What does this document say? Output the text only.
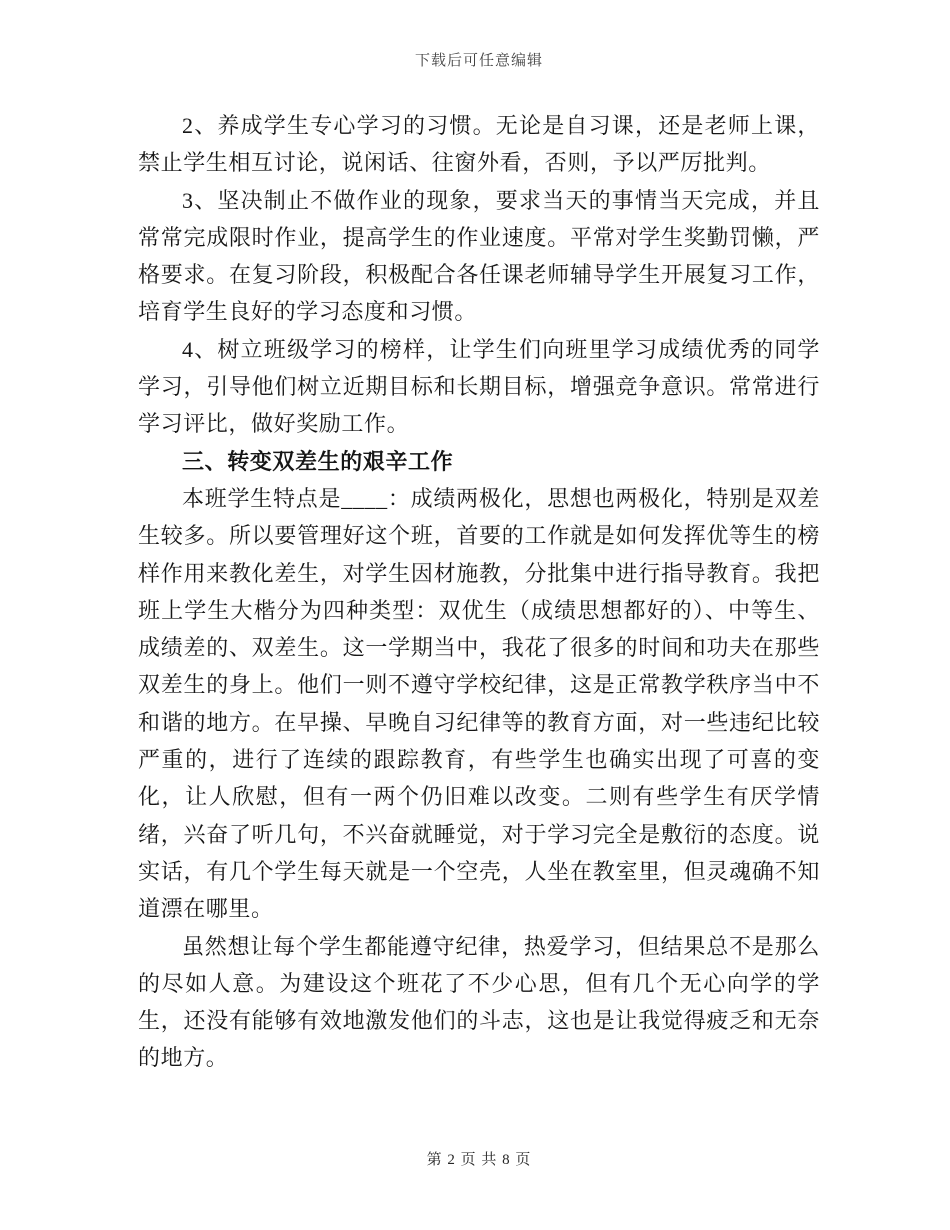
下载后可任意编辑

2、养成学生专心学习的习惯。无论是自习课，还是老师上课，禁止学生相互讨论，说闲话、往窗外看，否则，予以严厉批判。

3、坚决制止不做作业的现象，要求当天的事情当天完成，并且常常完成限时作业，提高学生的作业速度。平常对学生奖勤罚懒，严格要求。在复习阶段，积极配合各任课老师辅导学生开展复习工作，培育学生良好的学习态度和习惯。

4、树立班级学习的榜样，让学生们向班里学习成绩优秀的同学学习，引导他们树立近期目标和长期目标，增强竞争意识。常常进行学习评比，做好奖励工作。

三、转变双差生的艰辛工作

本班学生特点是____：成绩两极化，思想也两极化，特别是双差生较多。所以要管理好这个班，首要的工作就是如何发挥优等生的榜样作用来教化差生，对学生因材施教，分批集中进行指导教育。我把班上学生大楷分为四种类型：双优生（成绩思想都好的）、中等生、成绩差的、双差生。这一学期当中，我花了很多的时间和功夫在那些双差生的身上。他们一则不遵守学校纪律，这是正常教学秩序当中不和谐的地方。在早操、早晚自习纪律等的教育方面，对一些违纪比较严重的，进行了连续的跟踪教育，有些学生也确实出现了可喜的变化，让人欣慰，但有一两个仍旧难以改变。二则有些学生有厌学情绪，兴奋了听几句，不兴奋就睡觉，对于学习完全是敷衍的态度。说实话，有几个学生每天就是一个空壳，人坐在教室里，但灵魂确不知道漂在哪里。

虽然想让每个学生都能遵守纪律，热爱学习，但结果总不是那么的尽如人意。为建设这个班花了不少心思，但有几个无心向学的学生，还没有能够有效地激发他们的斗志，这也是让我觉得疲乏和无奈的地方。

第 2 页 共 8 页
